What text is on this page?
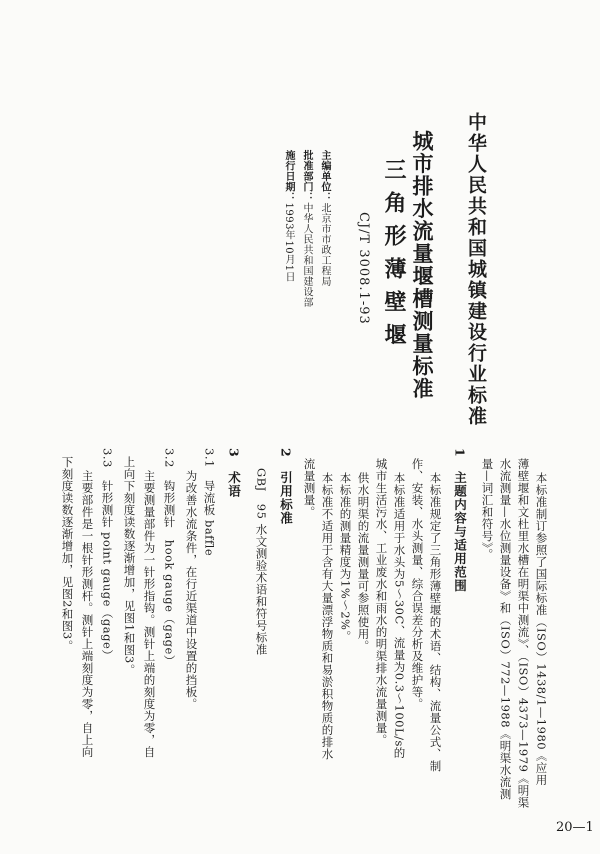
中华人民共和国城镇建设行业标准
城市排水流量堰槽测量标准
三角形薄壁堰
CJ/T 3008.1-93
主编单位：北京市市政工程局
批准部门：中华人民共和国建设部
施行日期：1993年10月1日
本标准制订参照了国际标准（ISO）1438/1—1980《应用
薄壁堰和文杜里水槽在明渠中测流》、（ISO）4373—1979《明渠
水流测量—水位测量设备》和（ISO）772—1988《明渠水流测
量—词汇和符号》。
1　主题内容与适用范围
本标准规定了三角形薄壁堰的术语、结构、流量公式、制
作、安装、水头测量、综合误差分析及维护等。
本标准适用于水头为5～30C、流量为0.3～100L/s的
城市生活污水、工业废水和雨水的明渠排水流量测量。
供水明渠的流量测量可参照使用。
本标准的测量精度为1%～2%。
本标准不适用于含有大量漂浮物质和易淤积物质的排水
流量测量。
2　引用标准
GBJ　95 水文测验术语和符号标准
3　术语
3.1　导流板 baffle
为改善水流条件，在行近渠道中设置的挡板。
3.2　钩形测针　hook gauge（gage）
主要测量部件为一针形指钩。测针上端的刻度为零，自
上向下刻度读数逐渐增加，见图1和图3。
3.3　针形测针 point gauge（gage）
主要部件是一根针形测杆。测针上端刻度为零，自上向
下刻度读数逐渐增加，见图2和图3。
20—1
